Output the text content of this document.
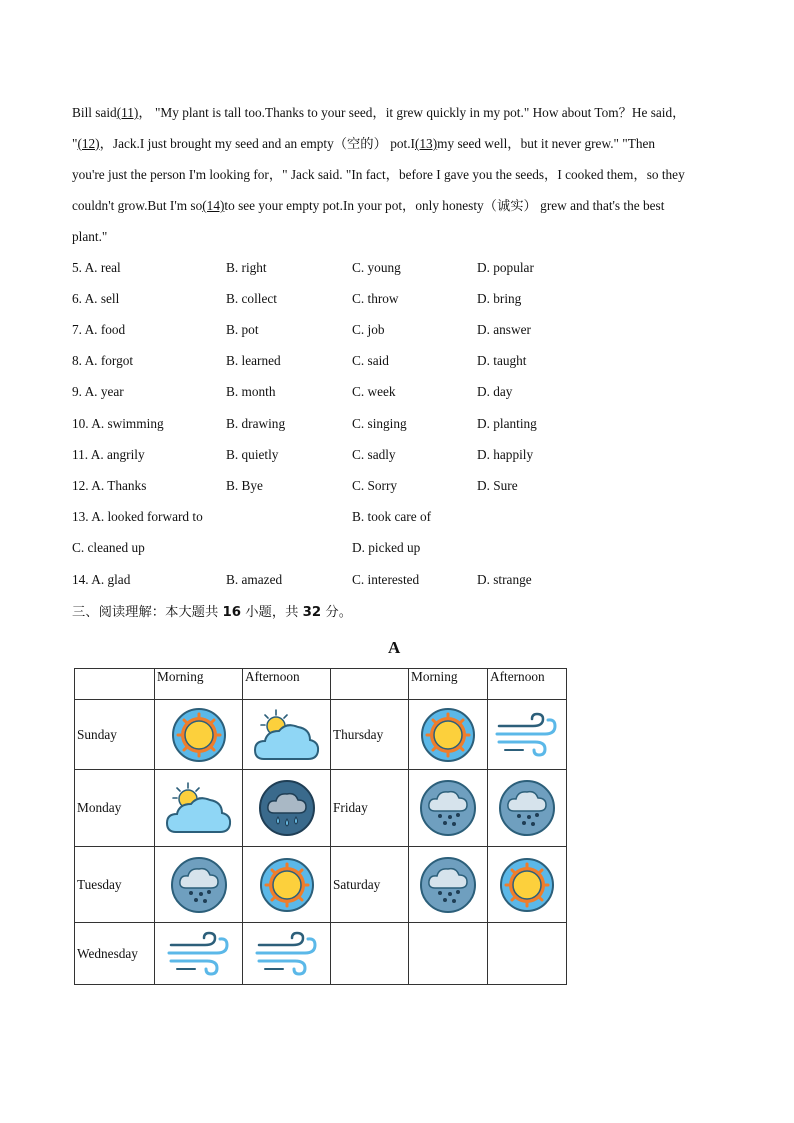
Bill said(11)， "My plant is tall too.Thanks to your seed，it grew quickly in my pot." How about Tom？He said，

"(12)，Jack.I just brought my seed and an empty（空的） pot.I(13)my seed well，but it never grew." "Then

you're just the person I'm looking for，" Jack said. "In fact，before I gave you the seeds，I cooked them，so they

couldn't grow.But I'm so(14)to see your empty pot.In your pot，only honesty（诚实） grew and that's the best

plant."

5. A. real	B. right	C. young	D. popular
6. A. sell	B. collect	C. throw	D. bring
7. A. food	B. pot	C. job	D. answer
8. A. forgot	B. learned	C. said	D. taught
9. A. year	B. month	C. week	D. day
10. A. swimming	B. drawing	C. singing	D. planting
11. A. angrily	B. quietly	C. sadly	D. happily
12. A. Thanks	B. Bye	C. Sorry	D. Sure
13. A. looked forward to	B. took care of
C. cleaned up	D. picked up
14. A. glad	B. amazed	C. interested	D. strange
三、阅读理解：本大题共 16 小题，共 32 分。
A
	Morning	Afternoon		Morning	Afternoon
Sunday			Thursday	

Monday			Friday	

Tuesday			Saturday	

Wednesday	
